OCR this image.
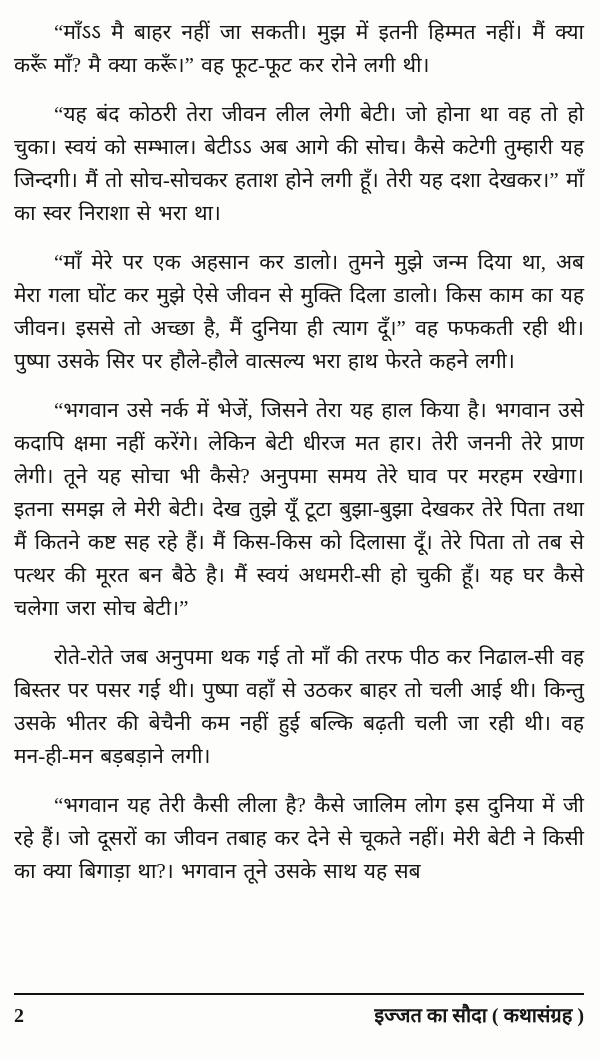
“माँऽऽ मै बाहर नहीं जा सकती। मुझ में इतनी हिम्मत नहीं। मैं क्या करूँ माँ? मै क्या करूँ।” वह फूट-फूट कर रोने लगी थी।

“यह बंद कोठरी तेरा जीवन लील लेगी बेटी। जो होना था वह तो हो चुका। स्वयं को सम्भाल। बेटीऽऽ अब आगे की सोच। कैसे कटेगी तुम्हारी यह जिन्दगी। मैं तो सोच-सोचकर हताश होने लगी हूँ। तेरी यह दशा देखकर।” माँ का स्वर निराशा से भरा था।

“माँ मेरे पर एक अहसान कर डालो। तुमने मुझे जन्म दिया था, अब मेरा गला घोंट कर मुझे ऐसे जीवन से मुक्ति दिला डालो। किस काम का यह जीवन। इससे तो अच्छा है, मैं दुनिया ही त्याग दूँ।” वह फफकती रही थी। पुष्पा उसके सिर पर हौले-हौले वात्सल्य भरा हाथ फेरते कहने लगी।

“भगवान उसे नर्क में भेजें, जिसने तेरा यह हाल किया है। भगवान उसे कदापि क्षमा नहीं करेंगे। लेकिन बेटी धीरज मत हार। तेरी जननी तेरे प्राण लेगी। तूने यह सोचा भी कैसे? अनुपमा समय तेरे घाव पर मरहम रखेगा। इतना समझ ले मेरी बेटी। देख तुझे यूँ टूटा बुझा-बुझा देखकर तेरे पिता तथा मैं कितने कष्ट सह रहे हैं। मैं किस-किस को दिलासा दूँ। तेरे पिता तो तब से पत्थर की मूरत बन बैठे है। मैं स्वयं अधमरी-सी हो चुकी हूँ। यह घर कैसे चलेगा जरा सोच बेटी।”

रोते-रोते जब अनुपमा थक गई तो माँ की तरफ पीठ कर निढाल-सी वह बिस्तर पर पसर गई थी। पुष्पा वहाँ से उठकर बाहर तो चली आई थी। किन्तु उसके भीतर की बेचैनी कम नहीं हुई बल्कि बढ़ती चली जा रही थी। वह मन-ही-मन बड़बड़ाने लगी।

“भगवान यह तेरी कैसी लीला है? कैसे जालिम लोग इस दुनिया में जी रहे हैं। जो दूसरों का जीवन तबाह कर देने से चूकते नहीं। मेरी बेटी ने किसी का क्या बिगाड़ा था?। भगवान तूने उसके साथ यह सब

2	इज्जत का सौदा ( कथासंग्रह )
